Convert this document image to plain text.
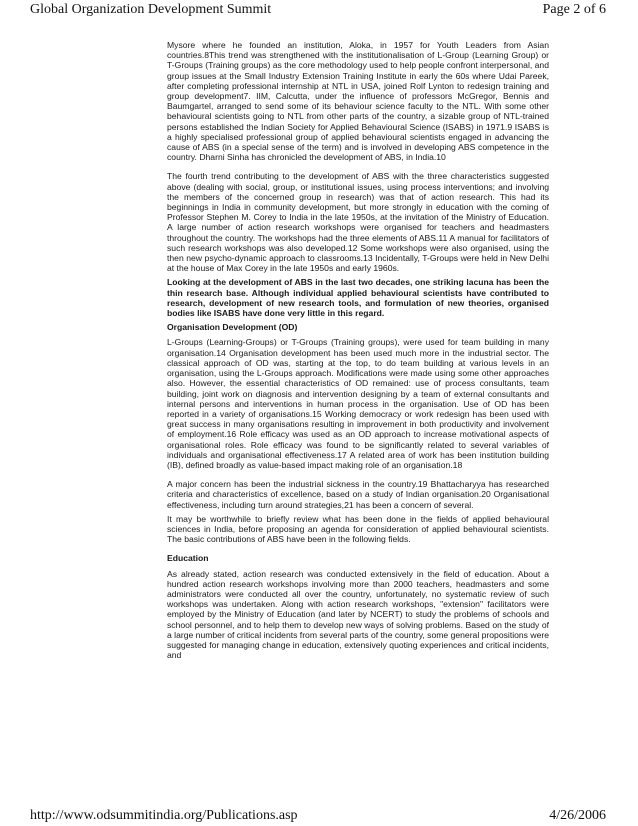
Global Organization Development Summit	Page 2 of 6

Mysore where he founded an institution, Aloka, in 1957 for Youth Leaders from Asian countries.8This trend was strengthened with the institutionalisation of L-Group (Learning Group) or T-Groups (Training groups) as the core methodology used to help people confront interpersonal, and group issues at the Small Industry Extension Training Institute in early the 60s where Udai Pareek, after completing professional internship at NTL in USA, joined Rolf Lynton to redesign training and group development7. IIM, Calcutta, under the influence of professors McGregor, Bennis and Baumgartel, arranged to send some of its behaviour science faculty to the NTL. With some other behavioural scientists going to NTL from other parts of the country, a sizable group of NTL-trained persons established the Indian Society for Applied Behavioural Science (ISABS) in 1971.9 ISABS is a highly specialised professional group of applied behavioural scientists engaged in advancing the cause of ABS (in a special sense of the term) and is involved in developing ABS competence in the country. Dharni Sinha has chronicled the development of ABS, in India.10

The fourth trend contributing to the development of ABS with the three characteristics suggested above (dealing with social, group, or institutional issues, using process interventions; and involving the members of the concerned group in research) was that of action research. This had its beginnings in India in community development, but more strongly in education with the coming of Professor Stephen M. Corey to India in the late 1950s, at the invitation of the Ministry of Education. A large number of action research workshops were organised for teachers and headmasters throughout the country. The workshops had the three elements of ABS.11 A manual for facilitators of such research workshops was also developed.12 Some workshops were also organised, using the then new psycho-dynamic approach to classrooms.13 Incidentally, T-Groups were held in New Delhi at the house of Max Corey in the late 1950s and early 1960s.

Looking at the development of ABS in the last two decades, one striking lacuna has been the thin research base. Although individual applied behavioural scientists have contributed to research, development of new research tools, and formulation of new theories, organised bodies like ISABS have done very little in this regard.

Organisation Development (OD)

L-Groups (Learning-Groups) or T-Groups (Training groups), were used for team building in many organisation.14 Organisation development has been used much more in the industrial sector. The classical approach of OD was, starting at the top, to do team building at various levels in an organisation, using the L-Groups approach. Modifications were made using some other approaches also. However, the essential characteristics of OD remained: use of process consultants, team building, joint work on diagnosis and intervention designing by a team of external consultants and internal persons and interventions in human process in the organisation. Use of OD has been reported in a variety of organisations.15 Working democracy or work redesign has been used with great success in many organisations resulting in improvement in both productivity and involvement of employment.16 Role efficacy was used as an OD approach to increase motivational aspects of organisational roles. Role efficacy was found to be significantly related to several variables of individuals and organisational effectiveness.17 A related area of work has been institution building (IB), defined broadly as value-based impact making role of an organisation.18

A major concern has been the industrial sickness in the country.19 Bhattacharyya has researched criteria and characteristics of excellence, based on a study of Indian organisation.20 Organisational effectiveness, including turn around strategies,21 has been a concern of several.

It may be worthwhile to briefly review what has been done in the fields of applied behavioural sciences in India, before proposing an agenda for consideration of applied behavioural scientists. The basic contributions of ABS have been in the following fields.

Education

As already stated, action research was conducted extensively in the field of education. About a hundred action research workshops involving more than 2000 teachers, headmasters and some administrators were conducted all over the country, unfortunately, no systematic review of such workshops was undertaken. Along with action research workshops, "extension" facilitators were employed by the Ministry of Education (and later by NCERT) to study the problems of schools and school personnel, and to help them to develop new ways of solving problems. Based on the study of a large number of critical incidents from several parts of the country, some general propositions were suggested for managing change in education, extensively quoting experiences and critical incidents, and

http://www.odsummitindia.org/Publications.asp	4/26/2006
